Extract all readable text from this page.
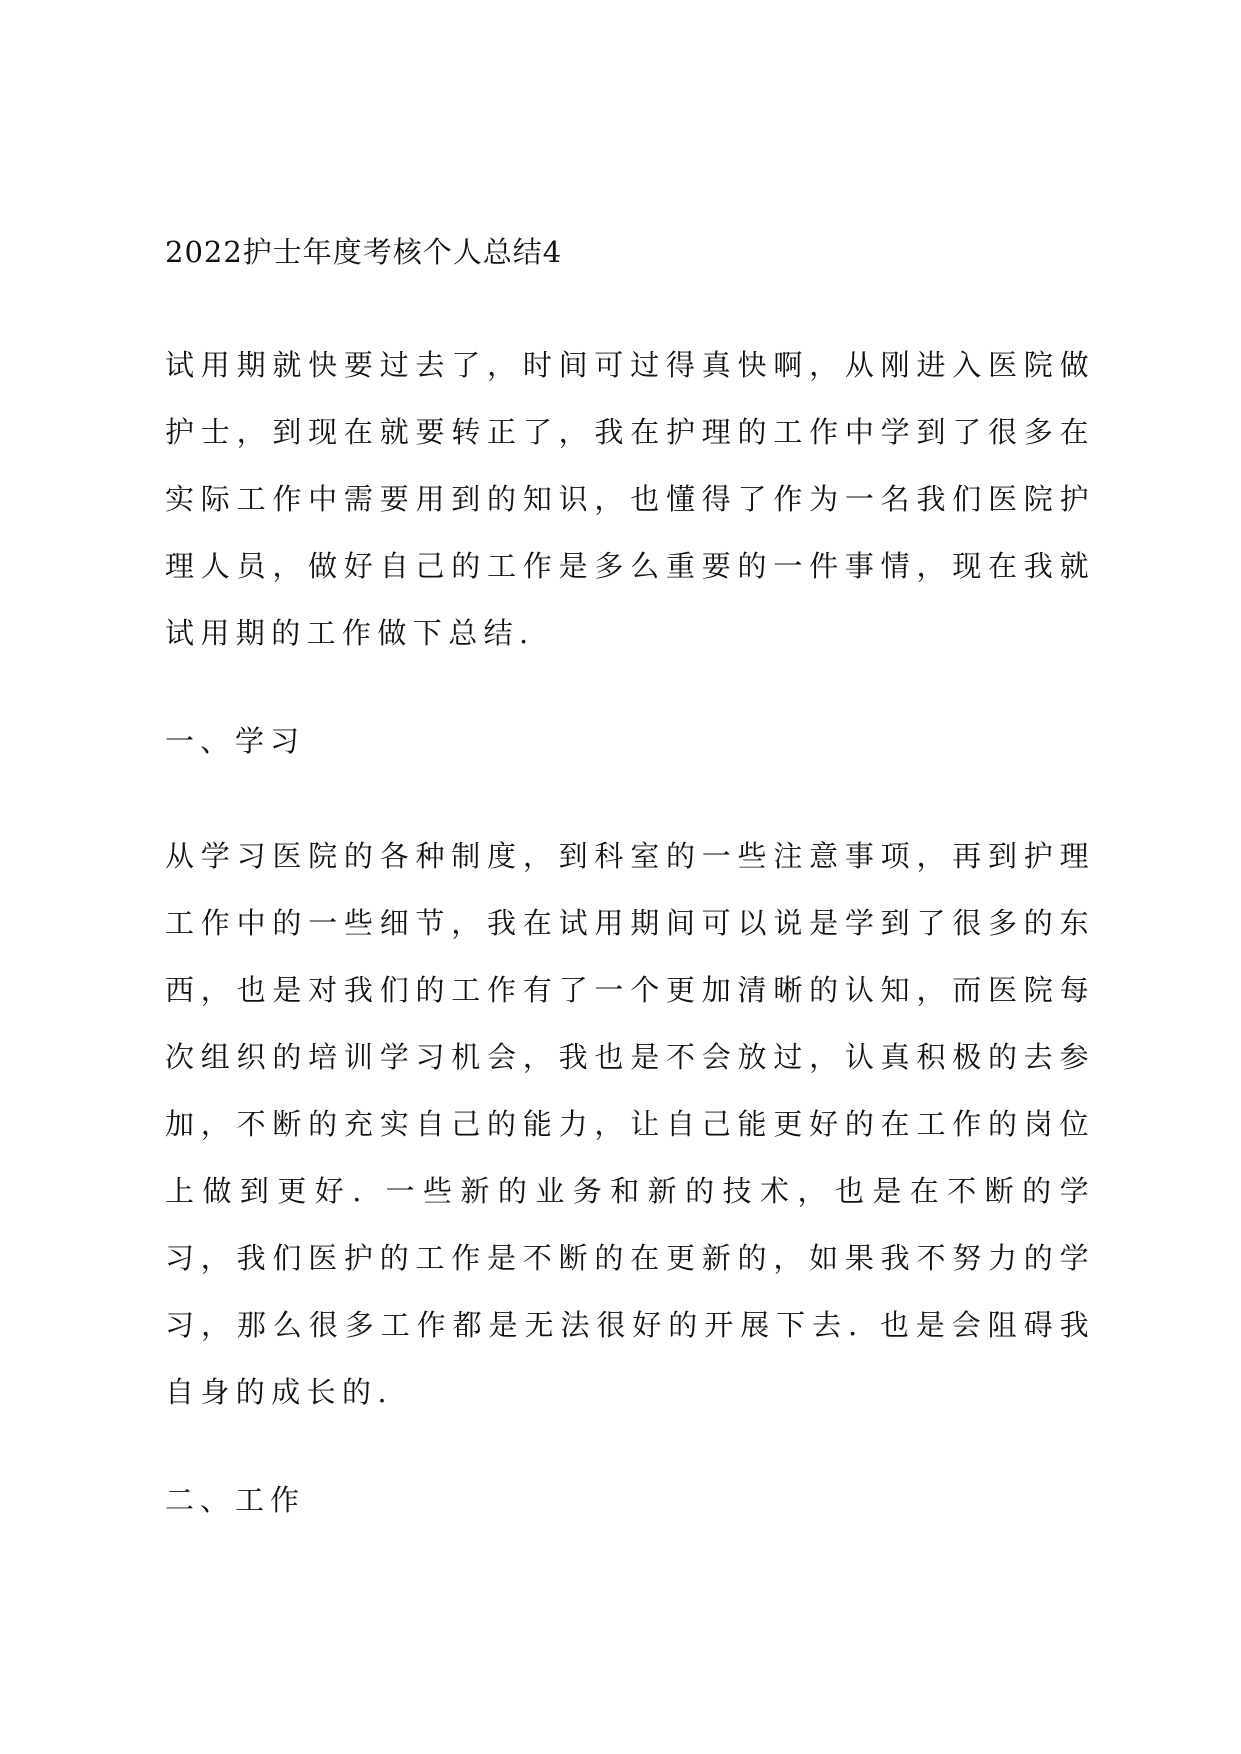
2022护士年度考核个人总结4

试用期就快要过去了，时间可过得真快啊，从刚进入医院做护士，到现在就要转正了，我在护理的工作中学到了很多在实际工作中需要用到的知识，也懂得了作为一名我们医院护理人员，做好自己的工作是多么重要的一件事情，现在我就试用期的工作做下总结.

一、学习

从学习医院的各种制度，到科室的一些注意事项，再到护理工作中的一些细节，我在试用期间可以说是学到了很多的东西，也是对我们的工作有了一个更加清晰的认知，而医院每次组织的培训学习机会，我也是不会放过，认真积极的去参加，不断的充实自己的能力，让自己能更好的在工作的岗位上做到更好. 一些新的业务和新的技术，也是在不断的学习，我们医护的工作是不断的在更新的，如果我不努力的学习，那么很多工作都是无法很好的开展下去. 也是会阻碍我自身的成长的.

二、工作
